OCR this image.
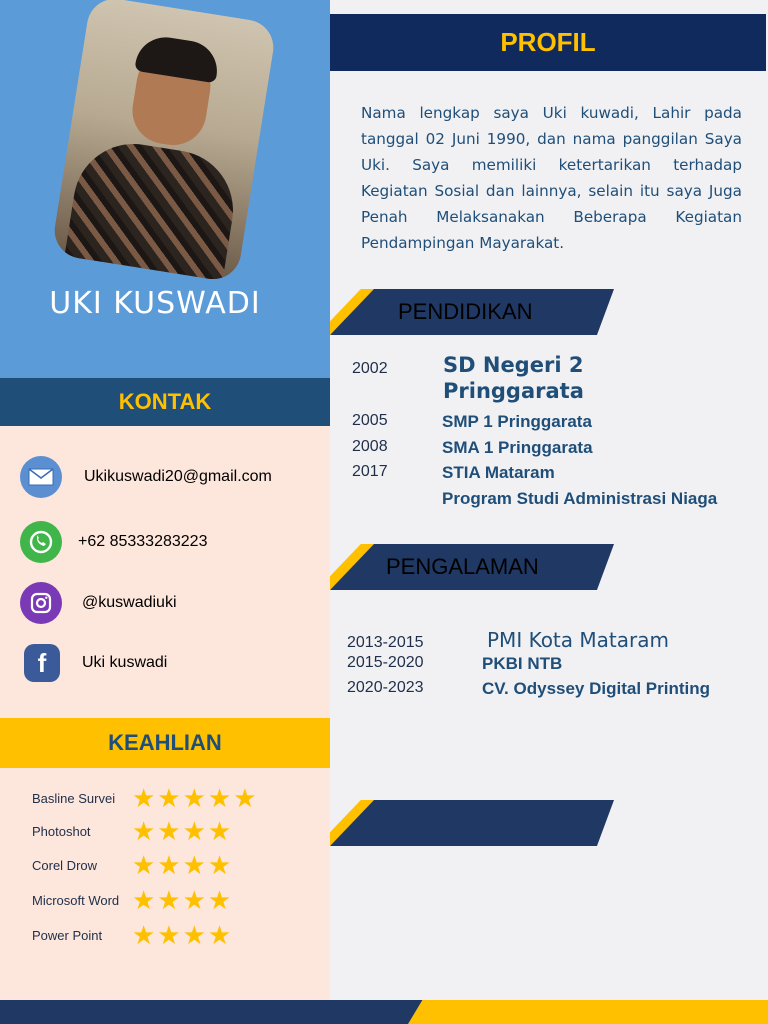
UKI KUSWADI
KONTAK
Ukikuswadi20@gmail.com
+62 85333283223
@kuswadiuki
f Uki kuswadi
KEAHLIAN
Basline Survei ★★★★★
Photoshot	★★★★
Corel Drow	★★★★
Microsoft Word ★★★★
Power Point	★★★★
PROFIL
Nama lengkap saya Uki kuwadi, Lahir pada tanggal 02 Juni 1990, dan nama panggilan Saya Uki. Saya memiliki ketertarikan terhadap Kegiatan Sosial dan lainnya, selain itu saya Juga Penah Melaksanakan Beberapa Kegiatan Pendampingan Mayarakat.
PENDIDIKAN
2002	SD Negeri 2 Pringgarata
2005	SMP 1 Pringgarata
2008	SMA 1 Pringgarata
2017	STIA Mataram
Program Studi Administrasi Niaga
PENGALAMAN
2013-2015	PMI Kota Mataram
2015-2020	PKBI NTB
2020-2023	CV. Odyssey Digital Printing
